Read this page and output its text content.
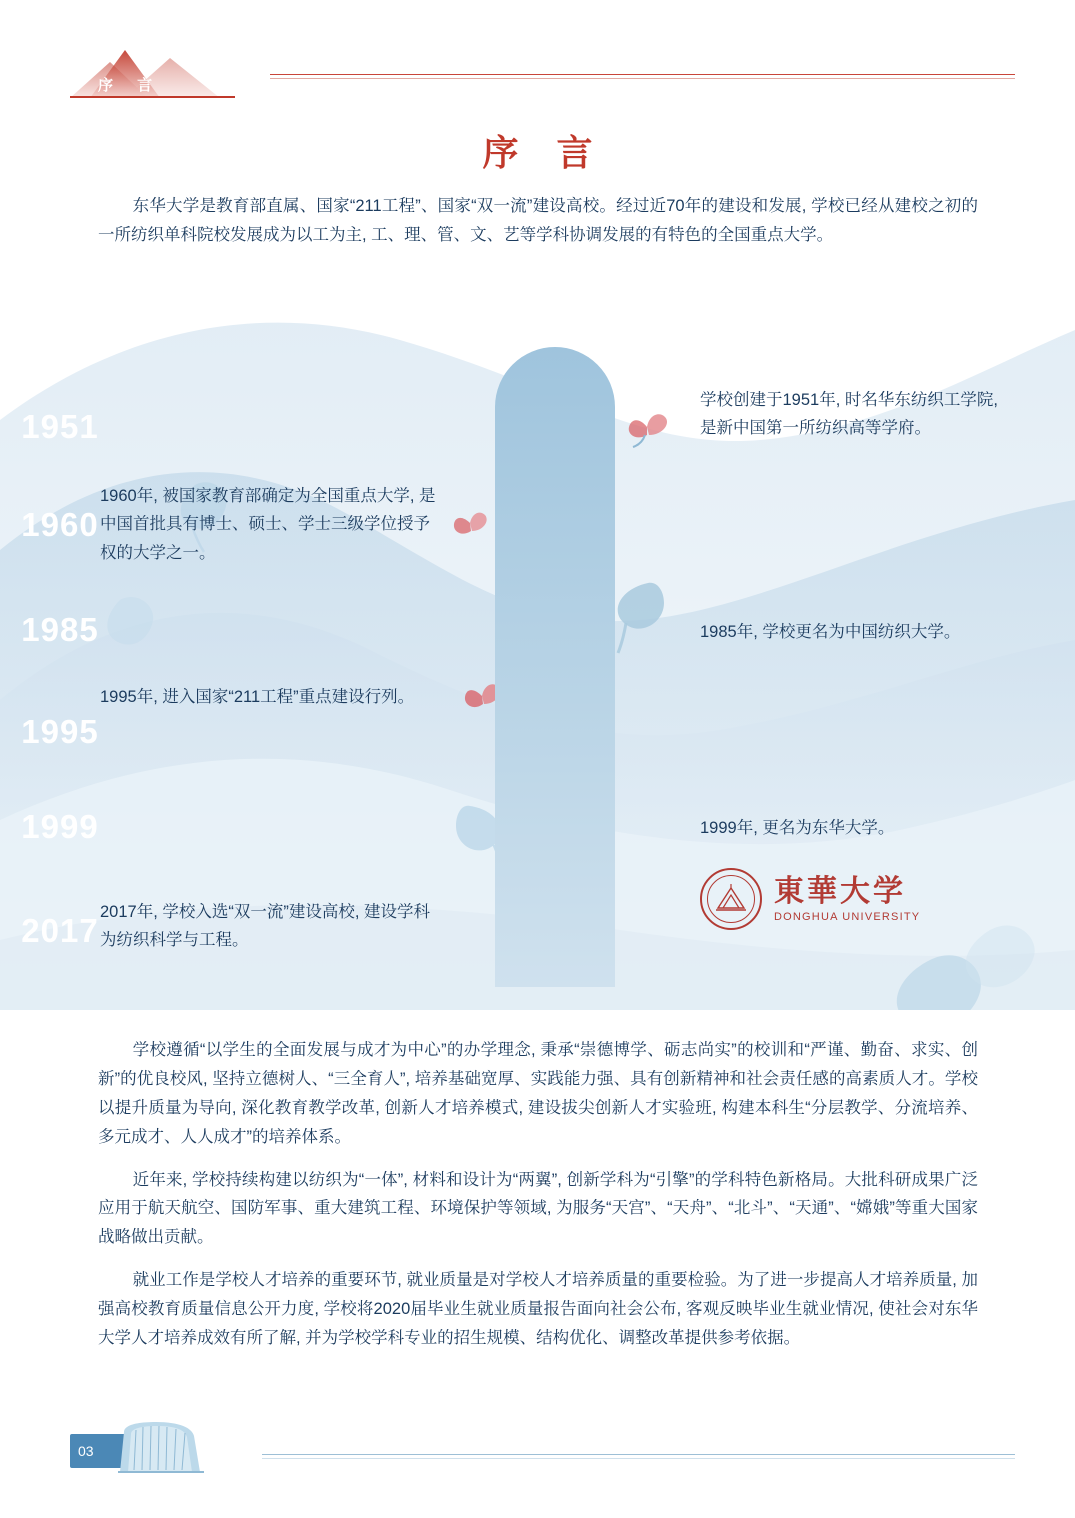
序 言
序 言

东华大学是教育部直属、国家“211工程”、国家“双一流”建设高校。经过近70年的建设和发展, 学校已经从建校之初的一所纺织单科院校发展成为以工为主, 工、理、管、文、艺等学科协调发展的有特色的全国重点大学。

1951
1960
1985
1995
1999
2017
学校创建于1951年, 时名华东纺织工学院, 是新中国第一所纺织高等学府。
1960年, 被国家教育部确定为全国重点大学, 是中国首批具有博士、硕士、学士三级学位授予权的大学之一。
1985年, 学校更名为中国纺织大学。
1995年, 进入国家“211工程”重点建设行列。
1999年, 更名为东华大学。
2017年, 学校入选“双一流”建设高校, 建设学科为纺织科学与工程。
東華大学
DONGHUA UNIVERSITY

学校遵循“以学生的全面发展与成才为中心”的办学理念, 秉承“崇德博学、砺志尚实”的校训和“严谨、勤奋、求实、创新”的优良校风, 坚持立德树人、“三全育人”, 培养基础宽厚、实践能力强、具有创新精神和社会责任感的高素质人才。学校以提升质量为导向, 深化教育教学改革, 创新人才培养模式, 建设拔尖创新人才实验班, 构建本科生“分层教学、分流培养、多元成才、人人成才”的培养体系。

近年来, 学校持续构建以纺织为“一体”, 材料和设计为“两翼”, 创新学科为“引擎”的学科特色新格局。大批科研成果广泛应用于航天航空、国防军事、重大建筑工程、环境保护等领域, 为服务“天宫”、“天舟”、“北斗”、“天通”、“嫦娥”等重大国家战略做出贡献。

就业工作是学校人才培养的重要环节, 就业质量是对学校人才培养质量的重要检验。为了进一步提高人才培养质量, 加强高校教育质量信息公开力度, 学校将2020届毕业生就业质量报告面向社会公布, 客观反映毕业生就业情况, 使社会对东华大学人才培养成效有所了解, 并为学校学科专业的招生规模、结构优化、调整改革提供参考依据。

03
